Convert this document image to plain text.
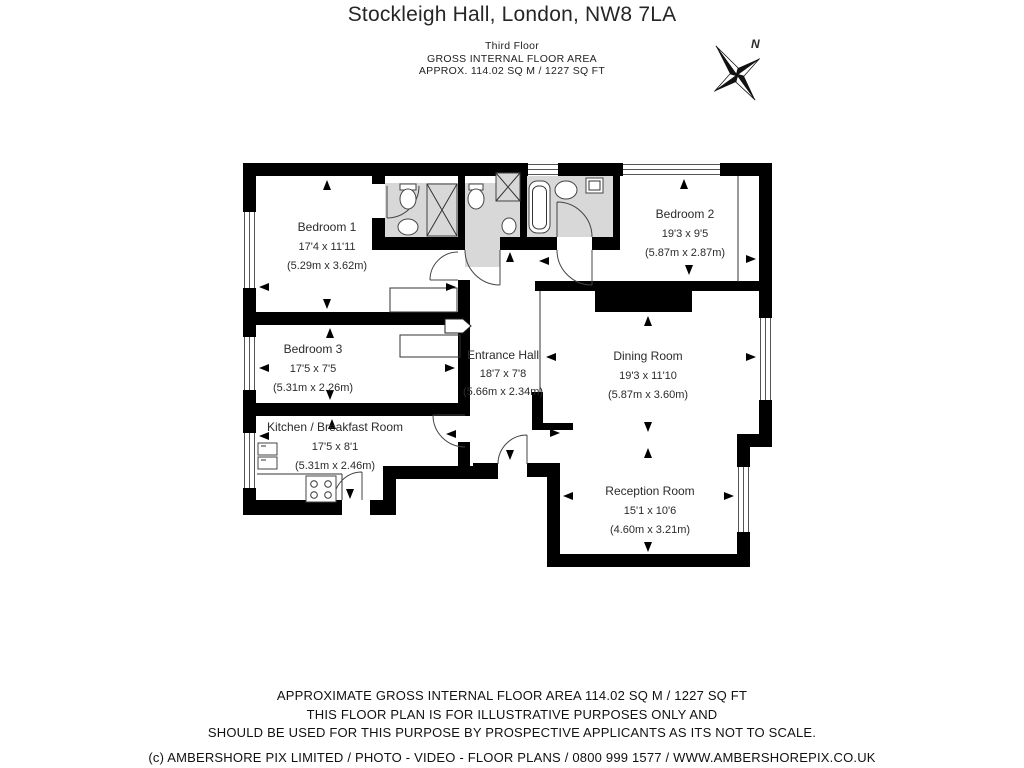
Stockleigh Hall, London, NW8 7LA
Third Floor
GROSS INTERNAL FLOOR AREA
APPROX. 114.02 SQ M / 1227 SQ FT
N
Bedroom 1
17'4 x 11'11
(5.29m x 3.62m)
Bedroom 2
19'3 x 9'5
(5.87m x 2.87m)
Bedroom 3
17'5 x 7'5
(5.31m x 2.26m)
Kitchen / Breakfast Room
17'5 x 8'1
(5.31m x 2.46m)
Entrance Hall
18'7 x 7'8
(5.66m x 2.34m)
Dining Room
19'3 x 11'10
(5.87m x 3.60m)
Reception Room
15'1 x 10'6
(4.60m x 3.21m)
APPROXIMATE GROSS INTERNAL FLOOR AREA 114.02 SQ M / 1227 SQ FT
THIS FLOOR PLAN IS FOR ILLUSTRATIVE PURPOSES ONLY AND
SHOULD BE USED FOR THIS PURPOSE BY PROSPECTIVE APPLICANTS AS ITS NOT TO SCALE.
(c) AMBERSHORE PIX LIMITED / PHOTO - VIDEO - FLOOR PLANS / 0800 999 1577 / WWW.AMBERSHOREPIX.CO.UK
